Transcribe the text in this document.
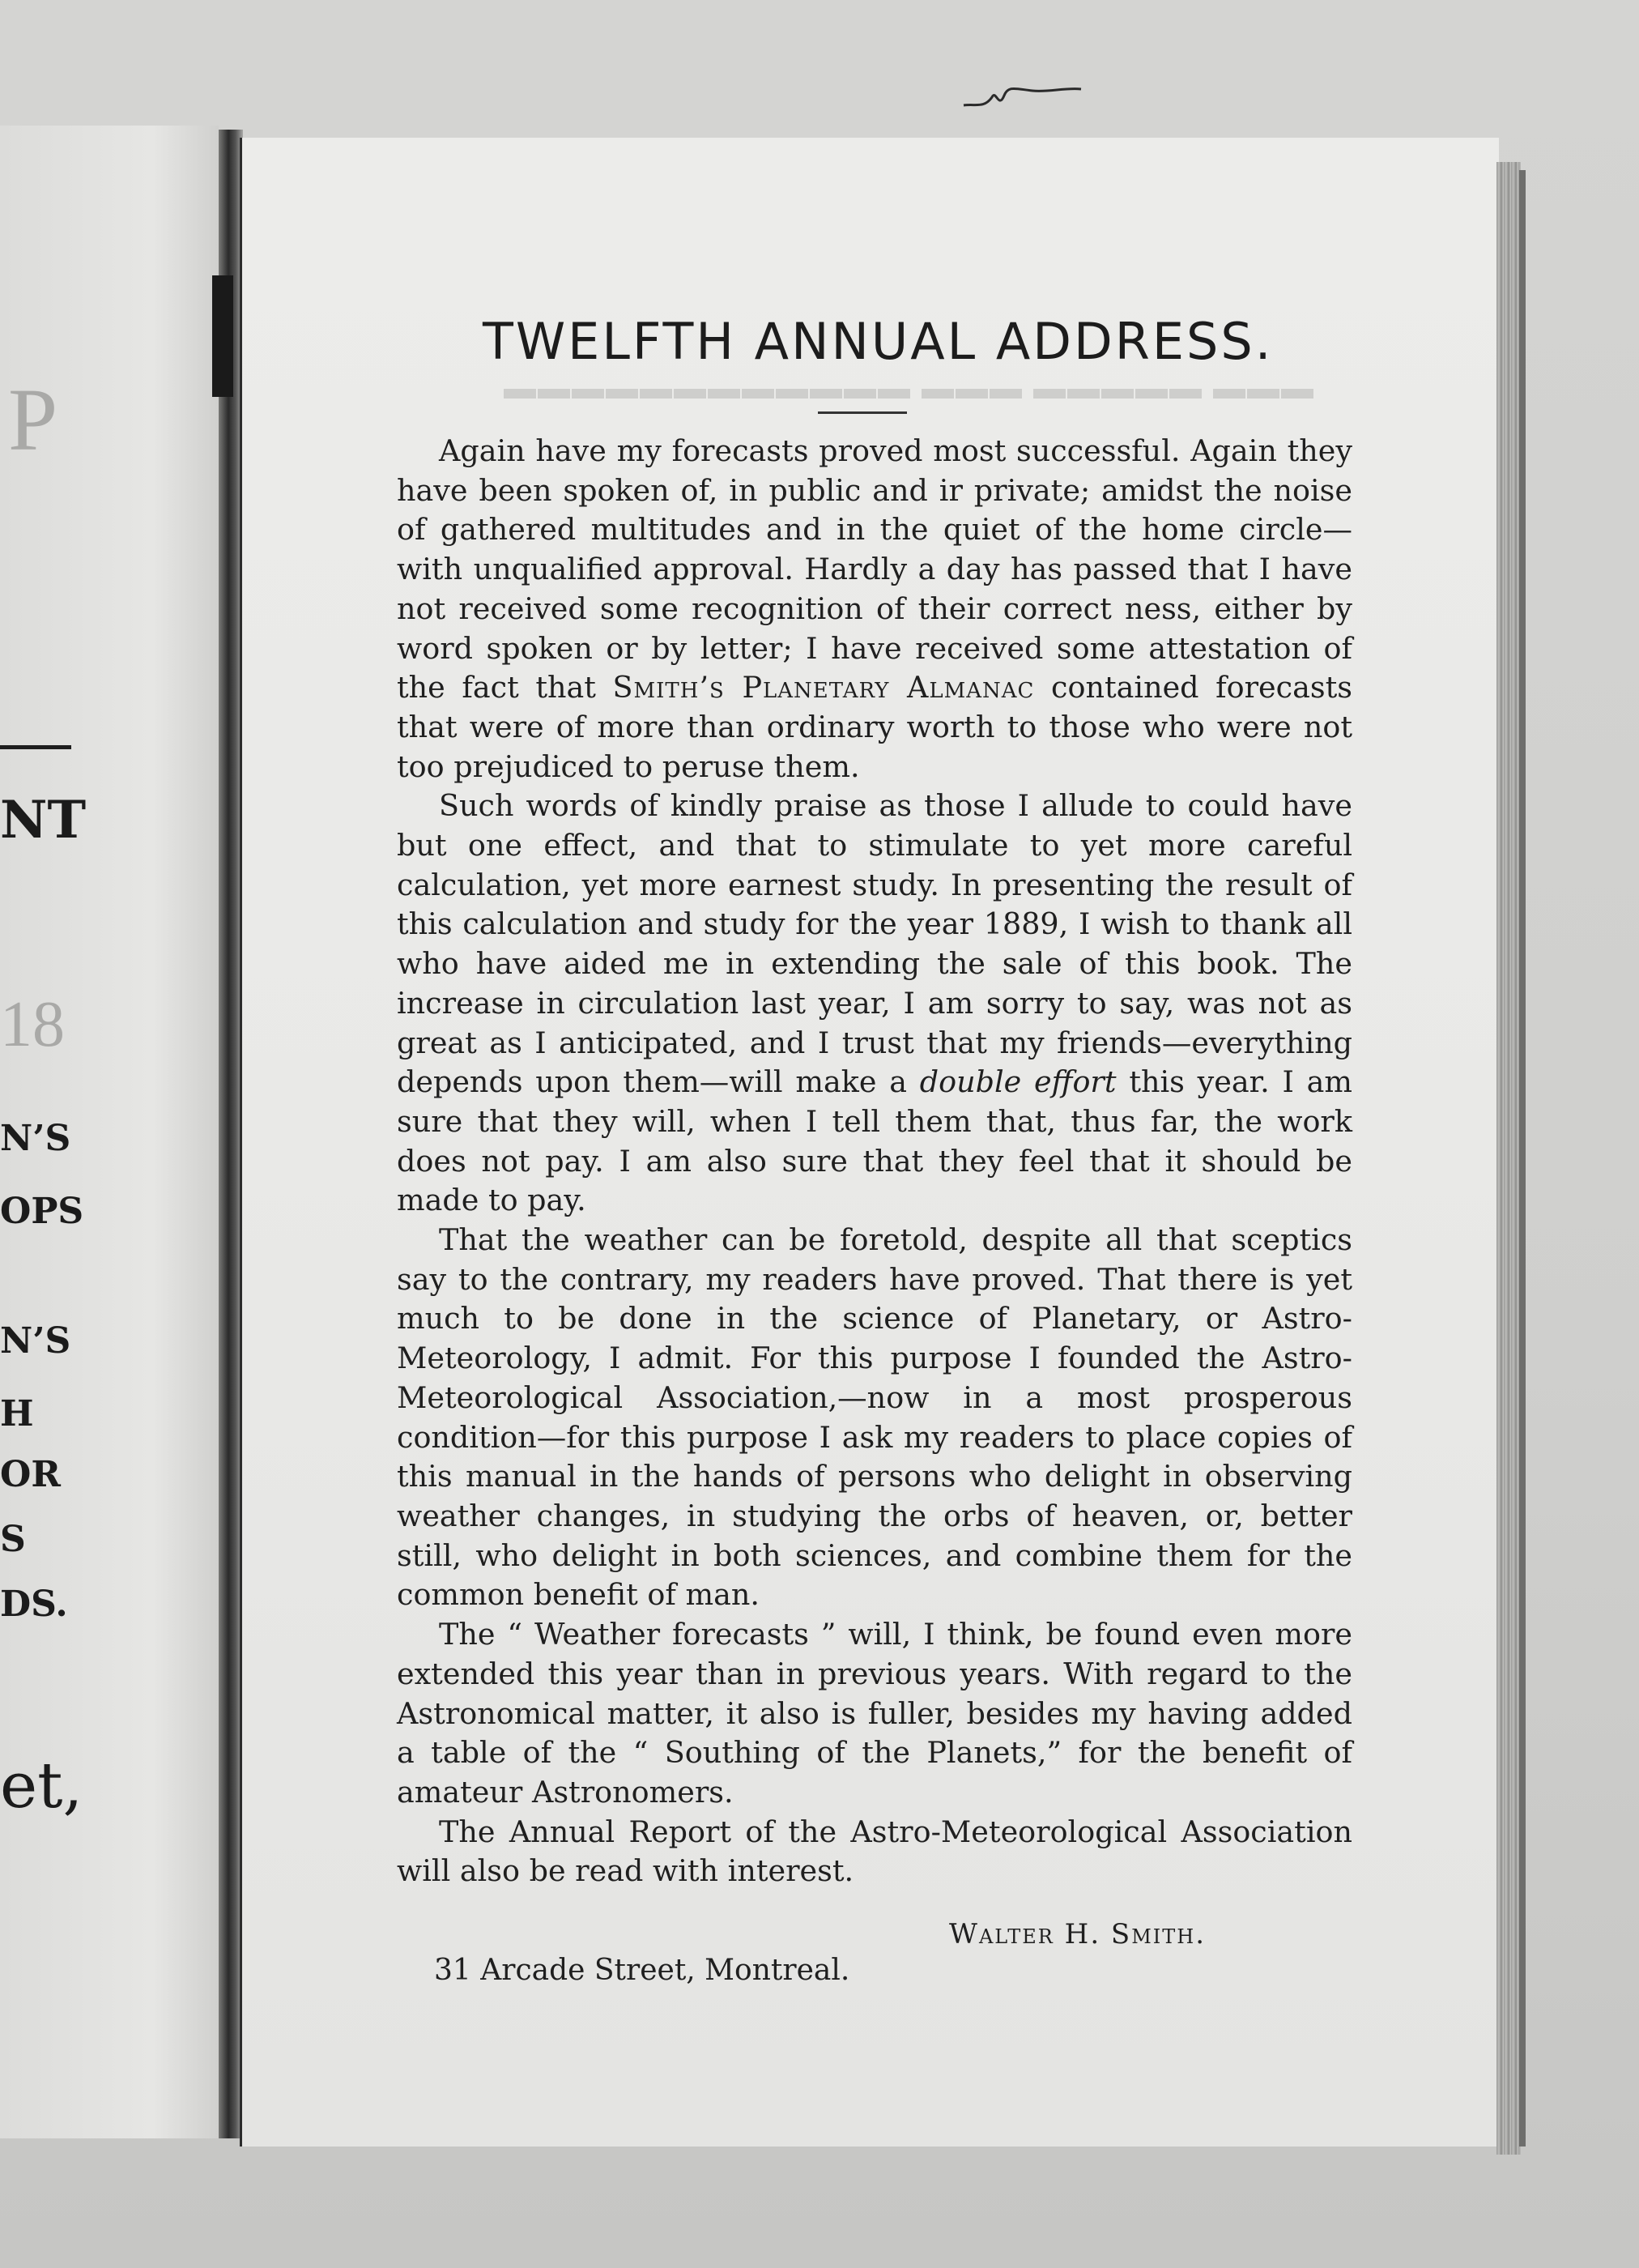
P
NT
18
N’S
OPS
N’S
H
OR
S
DS.
et,
▬▬▬ ▬▬▬▬▬ ▬▬▬ ▬▬▬▬▬▬▬▬▬▬▬▬
TWELFTH ANNUAL ADDRESS.

Again have my forecasts proved most successful. Again they have been spoken of, in public and ir private; amidst the noise of gathered multitudes and in the quiet of the home circle—with unqualified approval. Hardly a day has passed that I have not received some recognition of their correct ness, either by word spoken or by letter; I have received some attestation of the fact that Smith’s Planetary Almanac contained forecasts that were of more than ordinary worth to those who were not too prejudiced to peruse them.

Such words of kindly praise as those I allude to could have but one effect, and that to stimulate to yet more careful calculation, yet more earnest study. In presenting the result of this calculation and study for the year 1889, I wish to thank all who have aided me in extending the sale of this book. The increase in circulation last year, I am sorry to say, was not as great as I anticipated, and I trust that my friends—everything depends upon them—will make a double effort this year. I am sure that they will, when I tell them that, thus far, the work does not pay. I am also sure that they feel that it should be made to pay.

That the weather can be foretold, despite all that sceptics say to the contrary, my readers have proved. That there is yet much to be done in the science of Planetary, or Astro-Meteorology, I admit. For this purpose I founded the Astro-Meteorological Association,—now in a most prosperous condition—for this purpose I ask my readers to place copies of this manual in the hands of persons who delight in observing weather changes, in studying the orbs of heaven, or, better still, who delight in both sciences, and combine them for the common benefit of man.

The “ Weather forecasts ” will, I think, be found even more extended this year than in previous years. With regard to the Astronomical matter, it also is fuller, besides my having added a table of the “ Southing of the Planets,” for the benefit of amateur Astronomers.

The Annual Report of the Astro-Meteorological Association will also be read with interest.

Walter H. Smith.
31 Arcade Street, Montreal.
